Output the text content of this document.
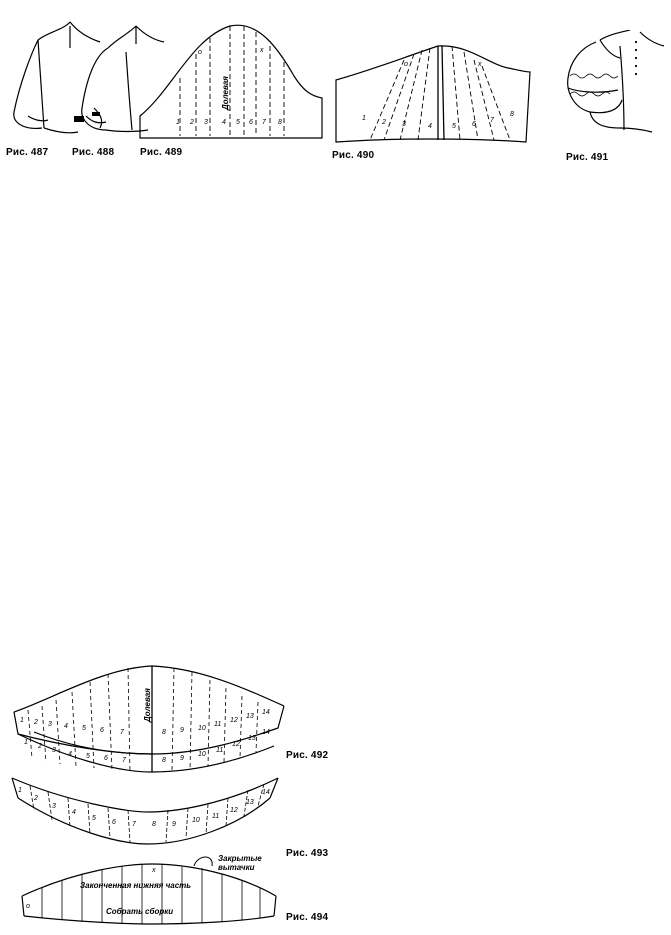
Рис. 487 Рис. 488
1 2 3 4 5 6 7 8
о	х
Долевая
Рис. 489
1
2 3	4	5 6
7
8
о	х
Рис. 490	Рис. 491
1 2 3 4 5 6 7	8 9 10
11
12
13
14
1
2
3
4 5 6 7	8 9
10
11
12
13
14
Долевая
Рис. 492
1
2
3
4
5
6 7 8 9
10
11
12
13
14
Рис. 493
Законченная нижняя часть
Собрать сборки
х
о
Закрытые вытачки
Рис. 494
